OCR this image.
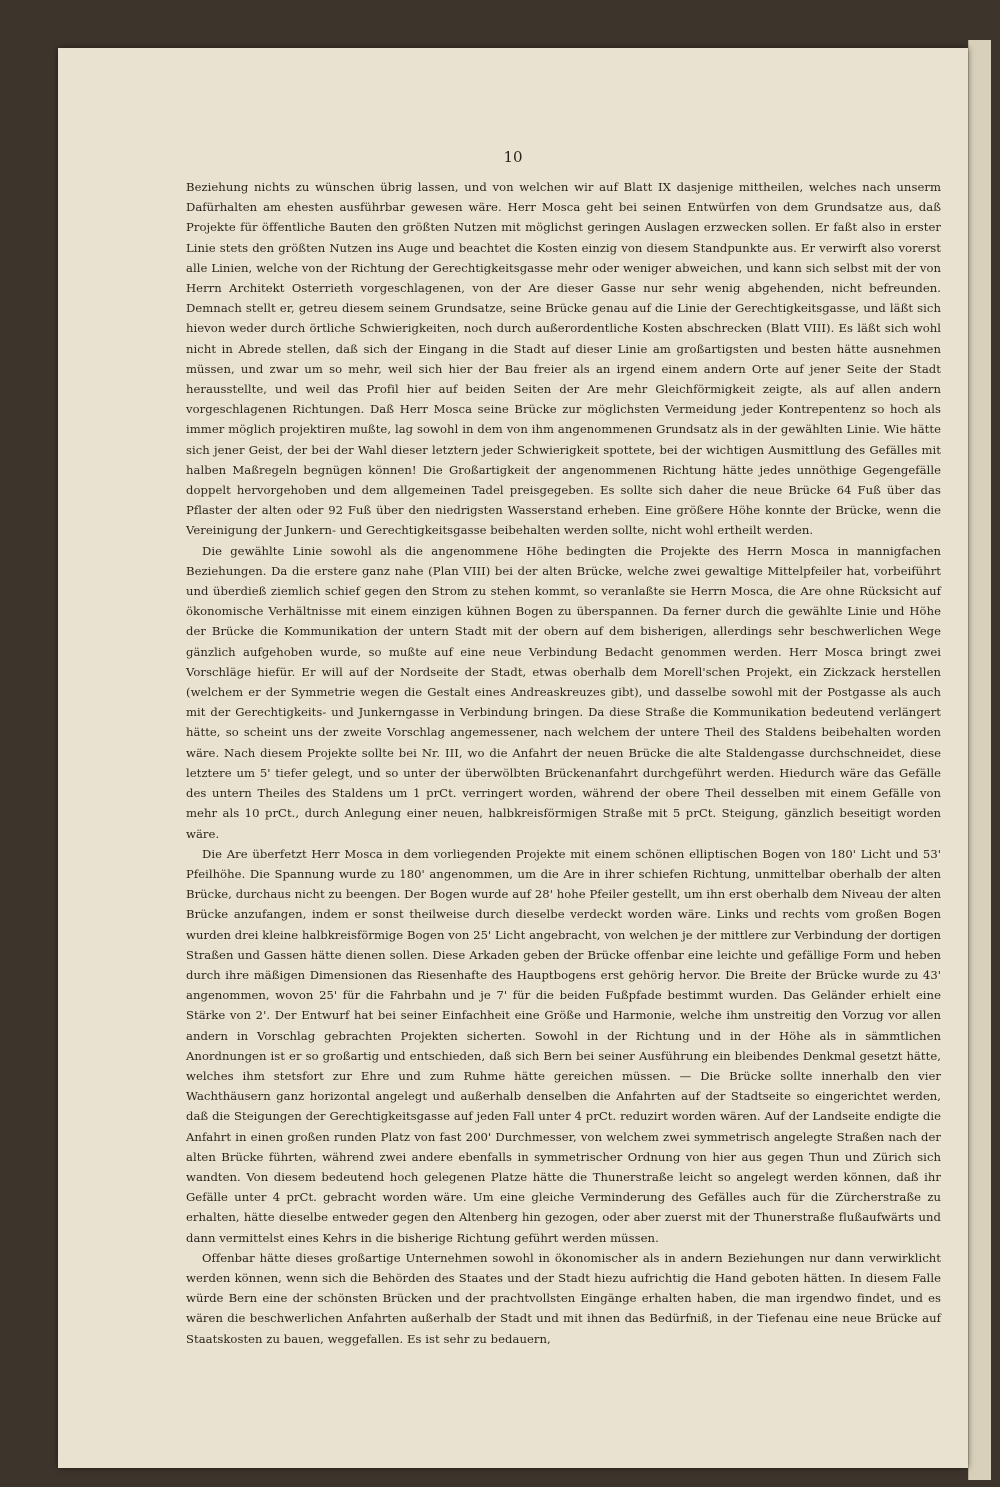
10

Beziehung nichts zu wünschen übrig lassen, und von welchen wir auf Blatt IX dasjenige mittheilen, welches nach unserm Dafürhalten am ehesten ausführbar gewesen wäre. Herr Mosca geht bei seinen Entwürfen von dem Grundsatze aus, daß Projekte für öffentliche Bauten den größten Nutzen mit möglichst geringen Auslagen erzwecken sollen. Er faßt also in erster Linie stets den größten Nutzen ins Auge und beachtet die Kosten einzig von diesem Standpunkte aus. Er verwirft also vorerst alle Linien, welche von der Richtung der Gerechtigkeitsgasse mehr oder weniger abweichen, und kann sich selbst mit der von Herrn Architekt Osterrieth vorgeschlagenen, von der Are dieser Gasse nur sehr wenig abgehenden, nicht befreunden. Demnach stellt er, getreu diesem seinem Grundsatze, seine Brücke genau auf die Linie der Gerechtigkeitsgasse, und läßt sich hievon weder durch örtliche Schwierigkeiten, noch durch außerordentliche Kosten abschrecken (Blatt VIII). Es läßt sich wohl nicht in Abrede stellen, daß sich der Eingang in die Stadt auf dieser Linie am großartigsten und besten hätte ausnehmen müssen, und zwar um so mehr, weil sich hier der Bau freier als an irgend einem andern Orte auf jener Seite der Stadt herausstellte, und weil das Profil hier auf beiden Seiten der Are mehr Gleichförmigkeit zeigte, als auf allen andern vorgeschlagenen Richtungen. Daß Herr Mosca seine Brücke zur möglichsten Vermeidung jeder Kontrepentenz so hoch als immer möglich projektiren mußte, lag sowohl in dem von ihm angenommenen Grundsatz als in der gewählten Linie. Wie hätte sich jener Geist, der bei der Wahl dieser letztern jeder Schwierigkeit spottete, bei der wichtigen Ausmittlung des Gefälles mit halben Maßregeln begnügen können! Die Großartigkeit der angenommenen Richtung hätte jedes unnöthige Gegengefälle doppelt hervorgehoben und dem allgemeinen Tadel preisgegeben. Es sollte sich daher die neue Brücke 64 Fuß über das Pflaster der alten oder 92 Fuß über den niedrigsten Wasserstand erheben. Eine größere Höhe konnte der Brücke, wenn die Vereinigung der Junkern- und Gerechtigkeitsgasse beibehalten werden sollte, nicht wohl ertheilt werden.

Die gewählte Linie sowohl als die angenommene Höhe bedingten die Projekte des Herrn Mosca in mannigfachen Beziehungen. Da die erstere ganz nahe (Plan VIII) bei der alten Brücke, welche zwei gewaltige Mittelpfeiler hat, vorbeiführt und überdieß ziemlich schief gegen den Strom zu stehen kommt, so veranlaßte sie Herrn Mosca, die Are ohne Rücksicht auf ökonomische Verhältnisse mit einem einzigen kühnen Bogen zu überspannen. Da ferner durch die gewählte Linie und Höhe der Brücke die Kommunikation der untern Stadt mit der obern auf dem bisherigen, allerdings sehr beschwerlichen Wege gänzlich aufgehoben wurde, so mußte auf eine neue Verbindung Bedacht genommen werden. Herr Mosca bringt zwei Vorschläge hiefür. Er will auf der Nordseite der Stadt, etwas oberhalb dem Morell'schen Projekt, ein Zickzack herstellen (welchem er der Symmetrie wegen die Gestalt eines Andreaskreuzes gibt), und dasselbe sowohl mit der Postgasse als auch mit der Gerechtigkeits- und Junkerngasse in Verbindung bringen. Da diese Straße die Kommunikation bedeutend verlängert hätte, so scheint uns der zweite Vorschlag angemessener, nach welchem der untere Theil des Staldens beibehalten worden wäre. Nach diesem Projekte sollte bei Nr. III, wo die Anfahrt der neuen Brücke die alte Staldengasse durchschneidet, diese letztere um 5' tiefer gelegt, und so unter der überwölbten Brückenanfahrt durchgeführt werden. Hiedurch wäre das Gefälle des untern Theiles des Staldens um 1 prCt. verringert worden, während der obere Theil desselben mit einem Gefälle von mehr als 10 prCt., durch Anlegung einer neuen, halbkreisförmigen Straße mit 5 prCt. Steigung, gänzlich beseitigt worden wäre.

Die Are überfetzt Herr Mosca in dem vorliegenden Projekte mit einem schönen elliptischen Bogen von 180' Licht und 53' Pfeilhöhe. Die Spannung wurde zu 180' angenommen, um die Are in ihrer schiefen Richtung, unmittelbar oberhalb der alten Brücke, durchaus nicht zu beengen. Der Bogen wurde auf 28' hohe Pfeiler gestellt, um ihn erst oberhalb dem Niveau der alten Brücke anzufangen, indem er sonst theilweise durch dieselbe verdeckt worden wäre. Links und rechts vom großen Bogen wurden drei kleine halbkreisförmige Bogen von 25' Licht angebracht, von welchen je der mittlere zur Verbindung der dortigen Straßen und Gassen hätte dienen sollen. Diese Arkaden geben der Brücke offenbar eine leichte und gefällige Form und heben durch ihre mäßigen Dimensionen das Riesenhafte des Hauptbogens erst gehörig hervor. Die Breite der Brücke wurde zu 43' angenommen, wovon 25' für die Fahrbahn und je 7' für die beiden Fußpfade bestimmt wurden. Das Geländer erhielt eine Stärke von 2'. Der Entwurf hat bei seiner Einfachheit eine Größe und Harmonie, welche ihm unstreitig den Vorzug vor allen andern in Vorschlag gebrachten Projekten sicherten. Sowohl in der Richtung und in der Höhe als in sämmtlichen Anordnungen ist er so großartig und entschieden, daß sich Bern bei seiner Ausführung ein bleibendes Denkmal gesetzt hätte, welches ihm stetsfort zur Ehre und zum Ruhme hätte gereichen müssen. — Die Brücke sollte innerhalb den vier Wachthäusern ganz horizontal angelegt und außerhalb denselben die Anfahrten auf der Stadtseite so eingerichtet werden, daß die Steigungen der Gerechtigkeitsgasse auf jeden Fall unter 4 prCt. reduzirt worden wären. Auf der Landseite endigte die Anfahrt in einen großen runden Platz von fast 200' Durchmesser, von welchem zwei symmetrisch angelegte Straßen nach der alten Brücke führten, während zwei andere ebenfalls in symmetrischer Ordnung von hier aus gegen Thun und Zürich sich wandten. Von diesem bedeutend hoch gelegenen Platze hätte die Thunerstraße leicht so angelegt werden können, daß ihr Gefälle unter 4 prCt. gebracht worden wäre. Um eine gleiche Verminderung des Gefälles auch für die Zürcherstraße zu erhalten, hätte dieselbe entweder gegen den Altenberg hin gezogen, oder aber zuerst mit der Thunerstraße flußaufwärts und dann vermittelst eines Kehrs in die bisherige Richtung geführt werden müssen.

Offenbar hätte dieses großartige Unternehmen sowohl in ökonomischer als in andern Beziehungen nur dann verwirklicht werden können, wenn sich die Behörden des Staates und der Stadt hiezu aufrichtig die Hand geboten hätten. In diesem Falle würde Bern eine der schönsten Brücken und der prachtvollsten Eingänge erhalten haben, die man irgendwo findet, und es wären die beschwerlichen Anfahrten außerhalb der Stadt und mit ihnen das Bedürfniß, in der Tiefenau eine neue Brücke auf Staatskosten zu bauen, weggefallen. Es ist sehr zu bedauern,
